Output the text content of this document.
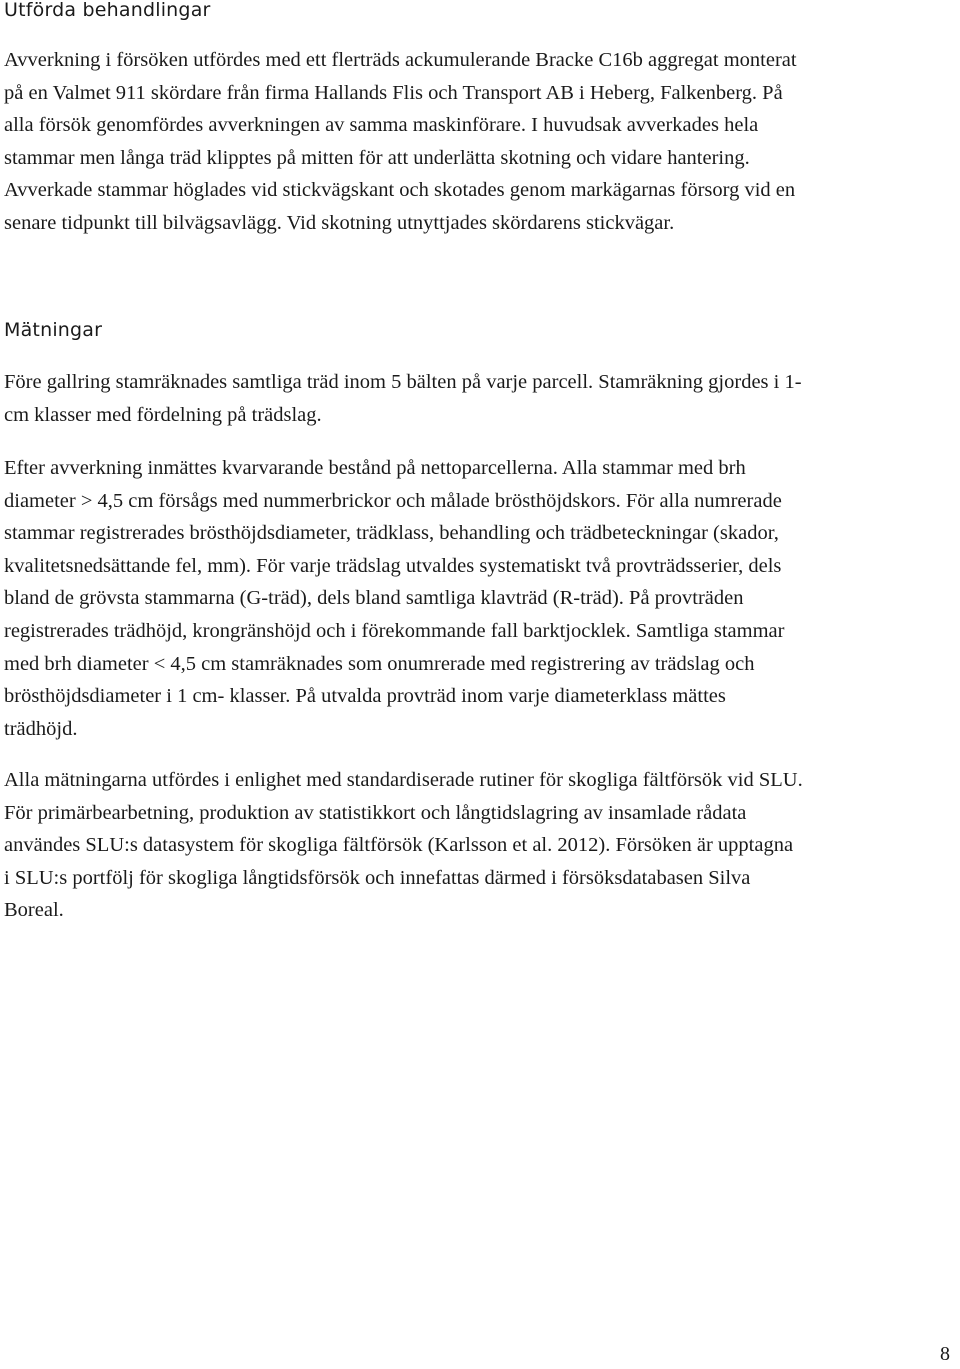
Utförda behandlingar

Avverkning i försöken utfördes med ett flerträds ackumulerande Bracke C16b aggregat monterat
på en Valmet 911 skördare från firma Hallands Flis och Transport AB i Heberg, Falkenberg. På
alla försök genomfördes avverkningen av samma maskinförare. I huvudsak avverkades hela
stammar men långa träd klipptes på mitten för att underlätta skotning och vidare hantering.
Avverkade stammar höglades vid stickvägskant och skotades genom markägarnas försorg vid en
senare tidpunkt till bilvägsavlägg. Vid skotning utnyttjades skördarens stickvägar.

Mätningar

Före gallring stamräknades samtliga träd inom 5 bälten på varje parcell. Stamräkning gjordes i 1-
cm klasser med fördelning på trädslag.

Efter avverkning inmättes kvarvarande bestånd på nettoparcellerna. Alla stammar med brh
diameter > 4,5 cm försågs med nummerbrickor och målade brösthöjdskors. För alla numrerade
stammar registrerades brösthöjdsdiameter, trädklass, behandling och trädbeteckningar (skador,
kvalitetsnedsättande fel, mm). För varje trädslag utvaldes systematiskt två provträdsserier, dels
bland de grövsta stammarna (G-träd), dels bland samtliga klavträd (R-träd). På provträden
registrerades trädhöjd, krongränshöjd och i förekommande fall barktjocklek. Samtliga stammar
med brh diameter < 4,5 cm stamräknades som onumrerade med registrering av trädslag och
brösthöjdsdiameter i 1 cm- klasser. På utvalda provträd inom varje diameterklass mättes
trädhöjd.

Alla mätningarna utfördes i enlighet med standardiserade rutiner för skogliga fältförsök vid SLU.
För primärbearbetning, produktion av statistikkort och långtidslagring av insamlade rådata
användes SLU:s datasystem för skogliga fältförsök (Karlsson et al. 2012). Försöken är upptagna
i SLU:s portfölj för skogliga långtidsförsök och innefattas därmed i försöksdatabasen Silva
Boreal.

8
